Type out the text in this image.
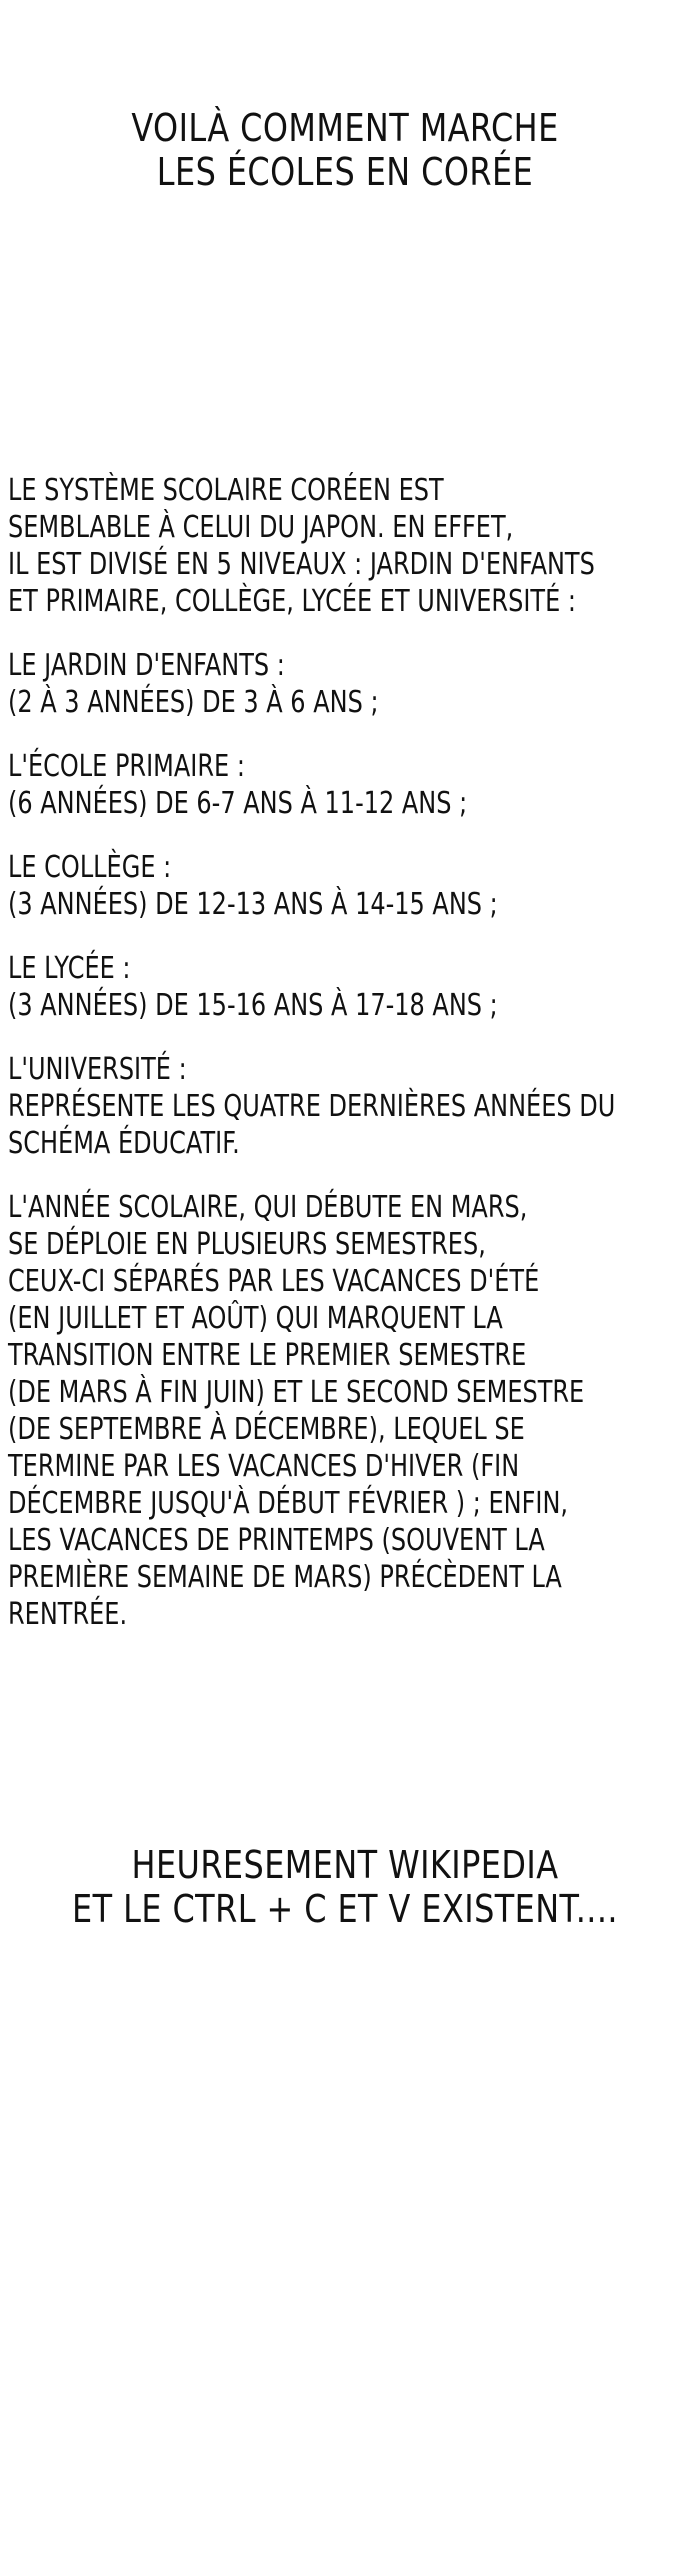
VOILÀ COMMENT MARCHE
LES ÉCOLES EN CORÉE
LE SYSTÈME SCOLAIRE CORÉEN EST
SEMBLABLE À CELUI DU JAPON. EN EFFET,
IL EST DIVISÉ EN 5 NIVEAUX : JARDIN D'ENFANTS
ET PRIMAIRE, COLLÈGE, LYCÉE ET UNIVERSITÉ :
LE JARDIN D'ENFANTS :
(2 À 3 ANNÉES) DE 3 À 6 ANS ;
L'ÉCOLE PRIMAIRE :
(6 ANNÉES) DE 6-7 ANS À 11-12 ANS ;
LE COLLÈGE :
(3 ANNÉES) DE 12-13 ANS À 14-15 ANS ;
LE LYCÉE :
(3 ANNÉES) DE 15-16 ANS À 17-18 ANS ;
L'UNIVERSITÉ :
REPRÉSENTE LES QUATRE DERNIÈRES ANNÉES DU
SCHÉMA ÉDUCATIF.
L'ANNÉE SCOLAIRE, QUI DÉBUTE EN MARS,
SE DÉPLOIE EN PLUSIEURS SEMESTRES,
CEUX-CI SÉPARÉS PAR LES VACANCES D'ÉTÉ
(EN JUILLET ET AOÛT) QUI MARQUENT LA
TRANSITION ENTRE LE PREMIER SEMESTRE
(DE MARS À FIN JUIN) ET LE SECOND SEMESTRE
(DE SEPTEMBRE À DÉCEMBRE), LEQUEL SE
TERMINE PAR LES VACANCES D'HIVER (FIN
DÉCEMBRE JUSQU'À DÉBUT FÉVRIER ) ; ENFIN,
LES VACANCES DE PRINTEMPS (SOUVENT LA
PREMIÈRE SEMAINE DE MARS) PRÉCÈDENT LA
RENTRÉE.
HEURESEMENT WIKIPEDIA
ET LE CTRL + C ET V EXISTENT....
